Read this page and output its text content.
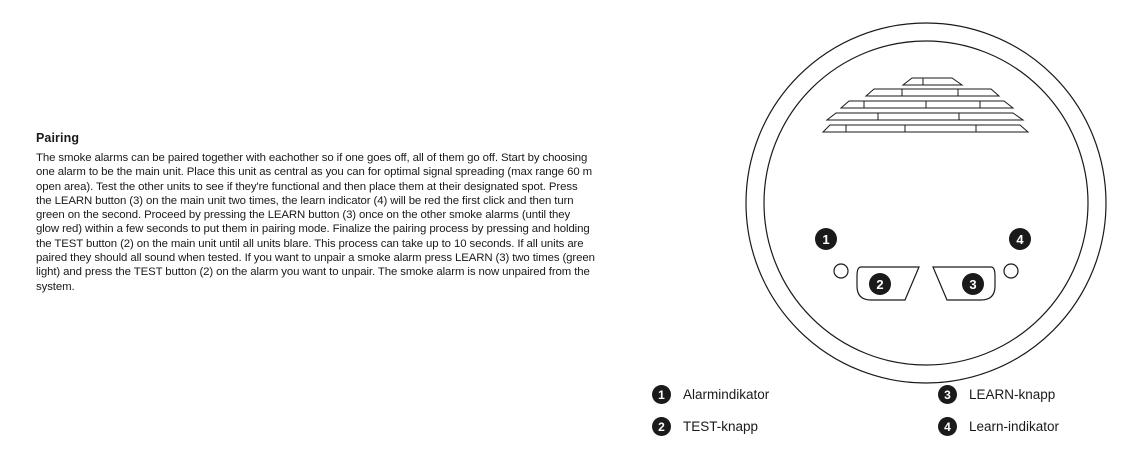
Pairing

The smoke alarms can be paired together with eachother so if one goes off, all of them go off. Start by choosing one alarm to be the main unit. Place this unit as central as you can for optimal signal spreading (max range 60 m open area). Test the other units to see if they're functional and then place them at their designated spot. Press the LEARN button (3) on the main unit two times, the learn indicator (4) will be red the first click and then turn green on the second. Proceed by pressing the LEARN button (3) once on the other smoke alarms (until they glow red) within a few seconds to put them in pairing mode. Finalize the pairing process by pressing and holding the TEST button (2) on the main unit until all units blare. This process can take up to 10 seconds. If all units are paired they should all sound when tested. If you want to unpair a smoke alarm press LEARN (3) two times (green light) and press the TEST button (2) on the alarm you want to unpair. The smoke alarm is now unpaired from the system.

1	4
2	3
1	Alarmindikator
2	TEST-knapp
3	LEARN-knapp
4	Learn-indikator
